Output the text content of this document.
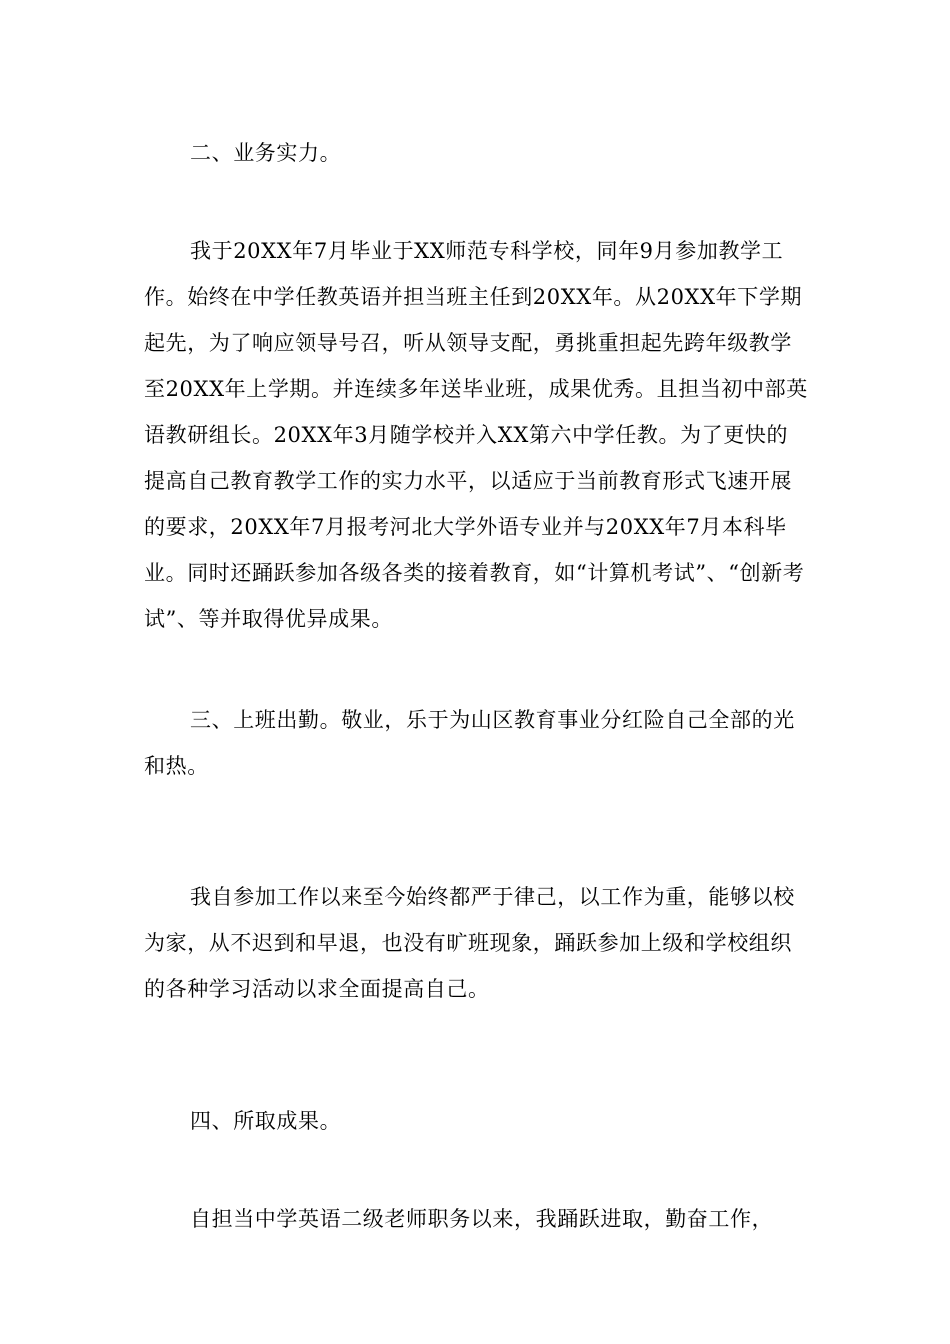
二、业务实力。

我于20XX年7月毕业于XX师范专科学校，同年9月参加教学工作。始终在中学任教英语并担当班主任到20XX年。从20XX年下学期起先，为了响应领导号召，听从领导支配，勇挑重担起先跨年级教学至20XX年上学期。并连续多年送毕业班，成果优秀。且担当初中部英语教研组长。20XX年3月随学校并入XX第六中学任教。为了更快的提高自己教育教学工作的实力水平，以适应于当前教育形式飞速开展的要求，20XX年7月报考河北大学外语专业并与20XX年7月本科毕业。同时还踊跃参加各级各类的接着教育，如“计算机考试”、“创新考试”、等并取得优异成果。

三、上班出勤。敬业，乐于为山区教育事业分红险自己全部的光和热。

我自参加工作以来至今始终都严于律己，以工作为重，能够以校为家，从不迟到和早退，也没有旷班现象，踊跃参加上级和学校组织的各种学习活动以求全面提高自己。

四、所取成果。

自担当中学英语二级老师职务以来，我踊跃进取，勤奋工作，
